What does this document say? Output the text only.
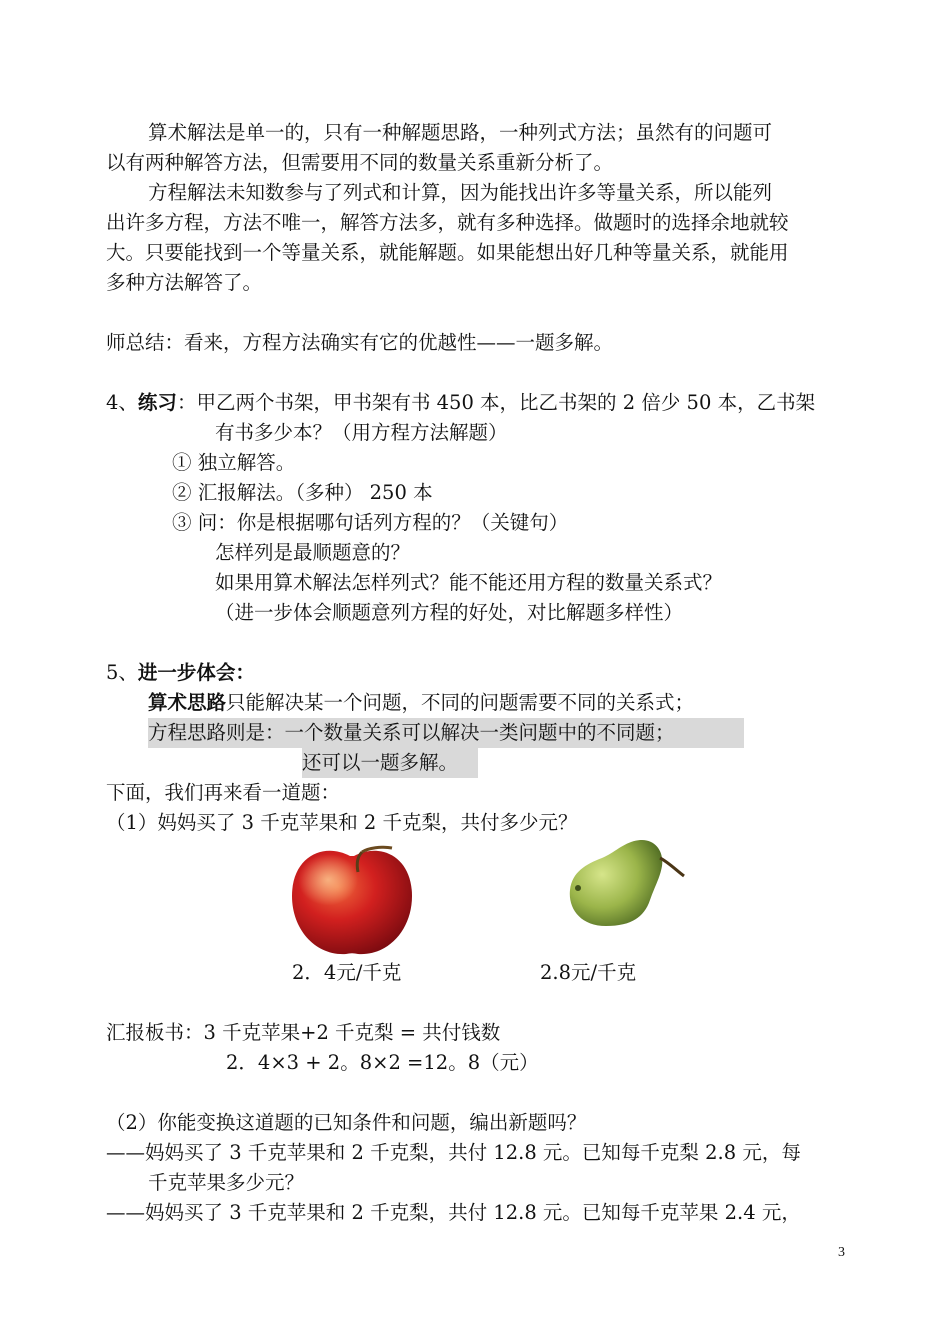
算术解法是单一的，只有一种解题思路，一种列式方法；虽然有的问题可
以有两种解答方法，但需要用不同的数量关系重新分析了。
方程解法未知数参与了列式和计算，因为能找出许多等量关系，所以能列
出许多方程，方法不唯一，解答方法多，就有多种选择。做题时的选择余地就较
大。只要能找到一个等量关系，就能解题。如果能想出好几种等量关系，就能用
多种方法解答了。
师总结：看来，方程方法确实有它的优越性——一题多解。
4、练习：甲乙两个书架，甲书架有书 450 本，比乙书架的 2 倍少 50 本，乙书架
有书多少本？（用方程方法解题）
① 独立解答。
② 汇报解法。（多种） 250 本
③ 问：你是根据哪句话列方程的？（关键句）
怎样列是最顺题意的？
如果用算术解法怎样列式？能不能还用方程的数量关系式？
（进一步体会顺题意列方程的好处，对比解题多样性）
5、进一步体会：
算术思路只能解决某一个问题，不同的问题需要不同的关系式；
方程思路则是：一个数量关系可以解决一类问题中的不同题；
还可以一题多解。
下面，我们再来看一道题：
（1）妈妈买了 3 千克苹果和 2 千克梨，共付多少元？
2．4元/千克	2.8元/千克
汇报板书：3 千克苹果+2 千克梨 = 共付钱数
2．4×3 + 2。8×2 =12。8（元）
（2）你能变换这道题的已知条件和问题，编出新题吗？
——妈妈买了 3 千克苹果和 2 千克梨，共付 12.8 元。已知每千克梨 2.8 元，每
千克苹果多少元？
——妈妈买了 3 千克苹果和 2 千克梨，共付 12.8 元。已知每千克苹果 2.4 元，
3
